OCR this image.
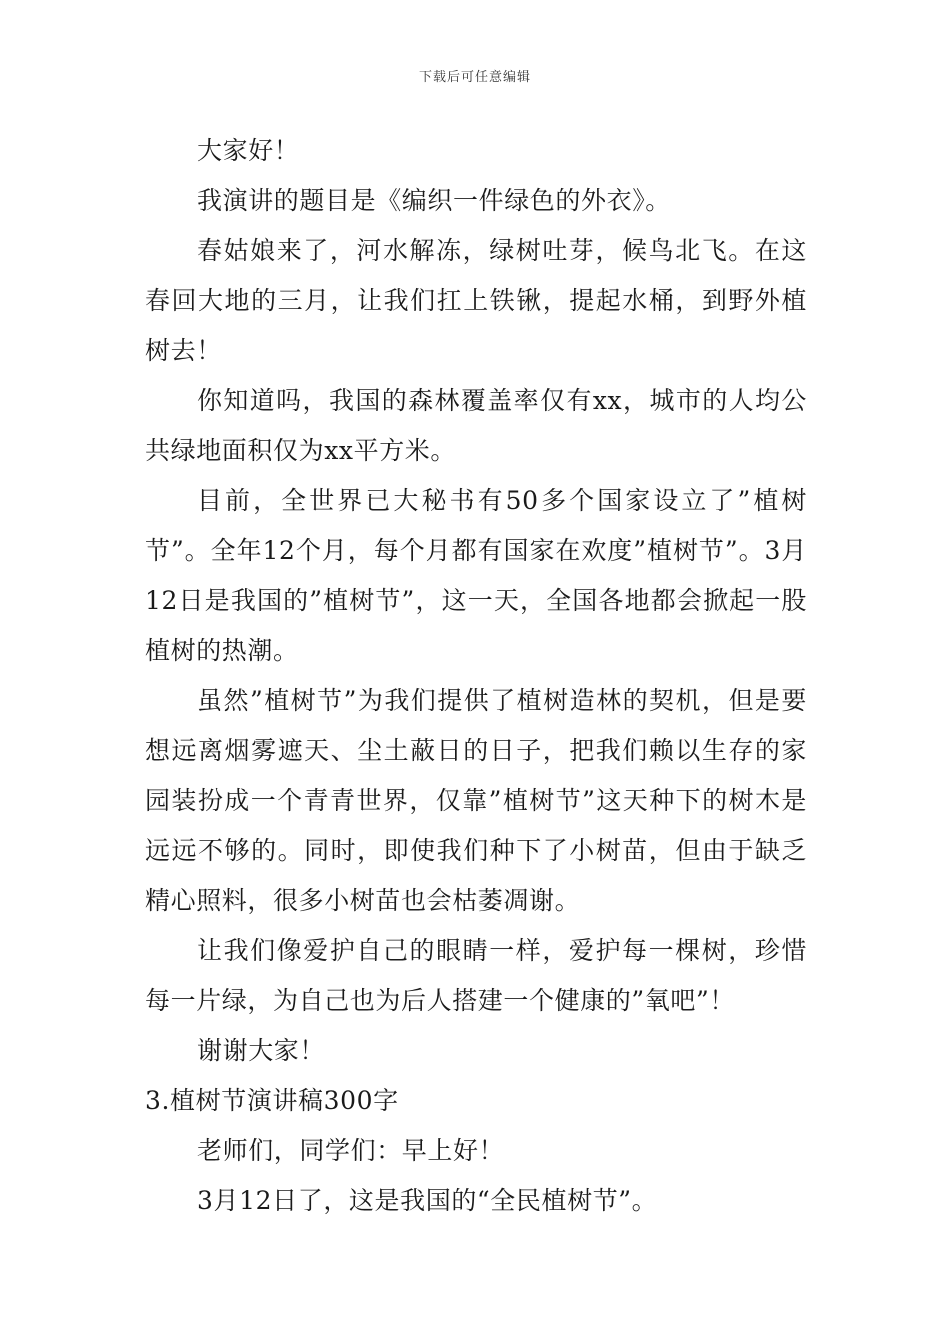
下载后可任意编辑

大家好！

我演讲的题目是《编织一件绿色的外衣》。

春姑娘来了，河水解冻，绿树吐芽，候鸟北飞。在这春回大地的三月，让我们扛上铁锹，提起水桶，到野外植树去！

你知道吗，我国的森林覆盖率仅有xx，城市的人均公共绿地面积仅为xx平方米。

目前，全世界已大秘书有50多个国家设立了”植树节”。全年12个月，每个月都有国家在欢度”植树节”。3月12日是我国的”植树节”，这一天，全国各地都会掀起一股植树的热潮。

虽然”植树节”为我们提供了植树造林的契机，但是要想远离烟雾遮天、尘土蔽日的日子，把我们赖以生存的家园装扮成一个青青世界，仅靠”植树节”这天种下的树木是远远不够的。同时，即使我们种下了小树苗，但由于缺乏精心照料，很多小树苗也会枯萎凋谢。

让我们像爱护自己的眼睛一样，爱护每一棵树，珍惜每一片绿，为自己也为后人搭建一个健康的”氧吧”！

谢谢大家！

3.植树节演讲稿300字

老师们，同学们：早上好！

3月12日了，这是我国的“全民植树节”。
